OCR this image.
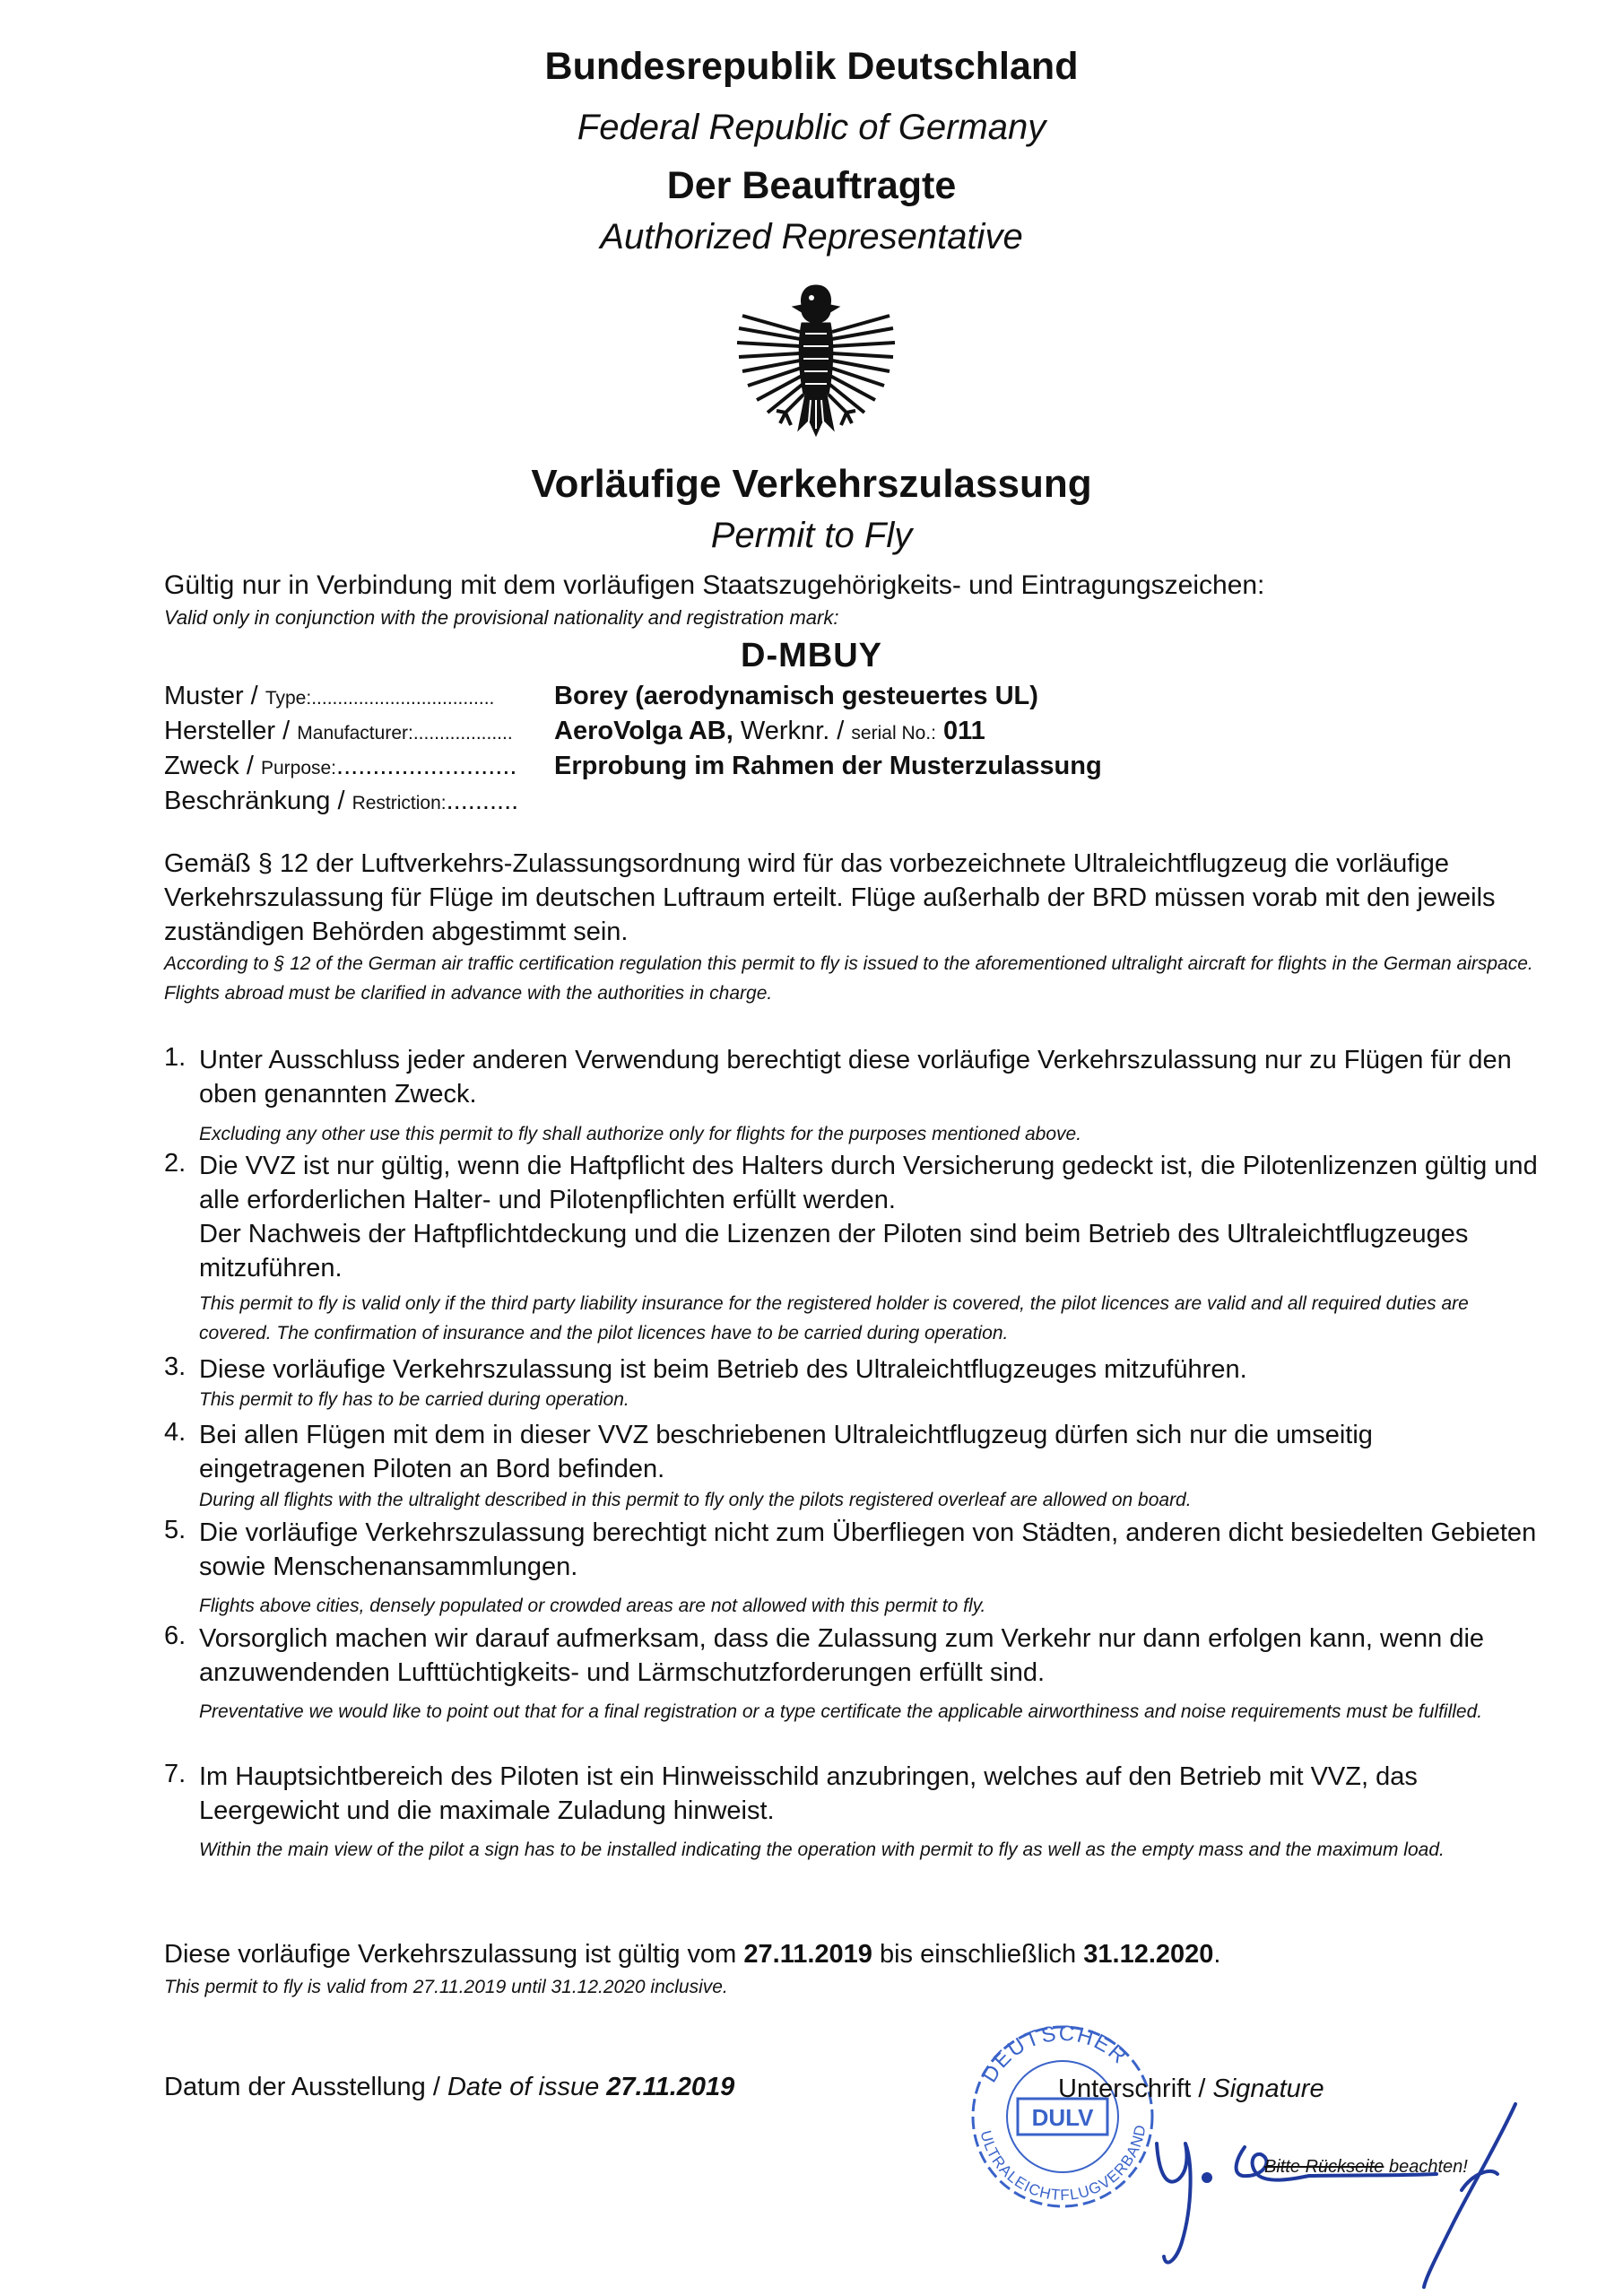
Bundesrepublik Deutschland
Federal Republic of Germany
Der Beauftragte
Authorized Representative
Vorläufige Verkehrszulassung
Permit to Fly
Gültig nur in Verbindung mit dem vorläufigen Staatszugehörigkeits- und Eintragungszeichen:
Valid only in conjunction with the provisional nationality and registration mark:
D-MBUY
Muster / Type:................................... Borey (aerodynamisch gesteuertes UL)
Hersteller / Manufacturer:................... AeroVolga AB, Werknr. / serial No.: 011
Zweck / Purpose:......................... Erprobung im Rahmen der Musterzulassung
Beschränkung / Restriction:..........
Gemäß § 12 der Luftverkehrs-Zulassungsordnung wird für das vorbezeichnete Ultraleichtflugzeug die vorläufige Verkehrszulassung für Flüge im deutschen Luftraum erteilt. Flüge außerhalb der BRD müssen vorab mit den jeweils zuständigen Behörden abgestimmt sein.
According to § 12 of the German air traffic certification regulation this permit to fly is issued to the aforementioned ultralight aircraft for flights in the German airspace. Flights abroad must be clarified in advance with the authorities in charge.
1. Unter Ausschluss jeder anderen Verwendung berechtigt diese vorläufige Verkehrszulassung nur zu Flügen für den oben genannten Zweck.
Excluding any other use this permit to fly shall authorize only for flights for the purposes mentioned above.
2. Die VVZ ist nur gültig, wenn die Haftpflicht des Halters durch Versicherung gedeckt ist, die Pilotenlizenzen gültig und alle erforderlichen Halter- und Pilotenpflichten erfüllt werden.
Der Nachweis der Haftpflichtdeckung und die Lizenzen der Piloten sind beim Betrieb des Ultraleichtflugzeuges mitzuführen.
This permit to fly is valid only if the third party liability insurance for the registered holder is covered, the pilot licences are valid and all required duties are covered. The confirmation of insurance and the pilot licences have to be carried during operation.
3. Diese vorläufige Verkehrszulassung ist beim Betrieb des Ultraleichtflugzeuges mitzuführen.
This permit to fly has to be carried during operation.
4. Bei allen Flügen mit dem in dieser VVZ beschriebenen Ultraleichtflugzeug dürfen sich nur die umseitig eingetragenen Piloten an Bord befinden.
During all flights with the ultralight described in this permit to fly only the pilots registered overleaf are allowed on board.
5. Die vorläufige Verkehrszulassung berechtigt nicht zum Überfliegen von Städten, anderen dicht besiedelten Gebieten sowie Menschenansammlungen.
Flights above cities, densely populated or crowded areas are not allowed with this permit to fly.
6. Vorsorglich machen wir darauf aufmerksam, dass die Zulassung zum Verkehr nur dann erfolgen kann, wenn die anzuwendenden Lufttüchtigkeits- und Lärmschutzforderungen erfüllt sind.
Preventative we would like to point out that for a final registration or a type certificate the applicable airworthiness and noise requirements must be fulfilled.
7. Im Hauptsichtbereich des Piloten ist ein Hinweisschild anzubringen, welches auf den Betrieb mit VVZ, das Leergewicht und die maximale Zuladung hinweist.
Within the main view of the pilot a sign has to be installed indicating the operation with permit to fly as well as the empty mass and the maximum load.
Diese vorläufige Verkehrszulassung ist gültig vom 27.11.2019 bis einschließlich 31.12.2020.
This permit to fly is valid from 27.11.2019 until 31.12.2020 inclusive.
Datum der Ausstellung / Date of issue 27.11.2019	DEUTSCHER
ULTRALEICHTFLUGVERBAND
DULV
Unterschrift / Signature
Bitte Rückseite beachten!
